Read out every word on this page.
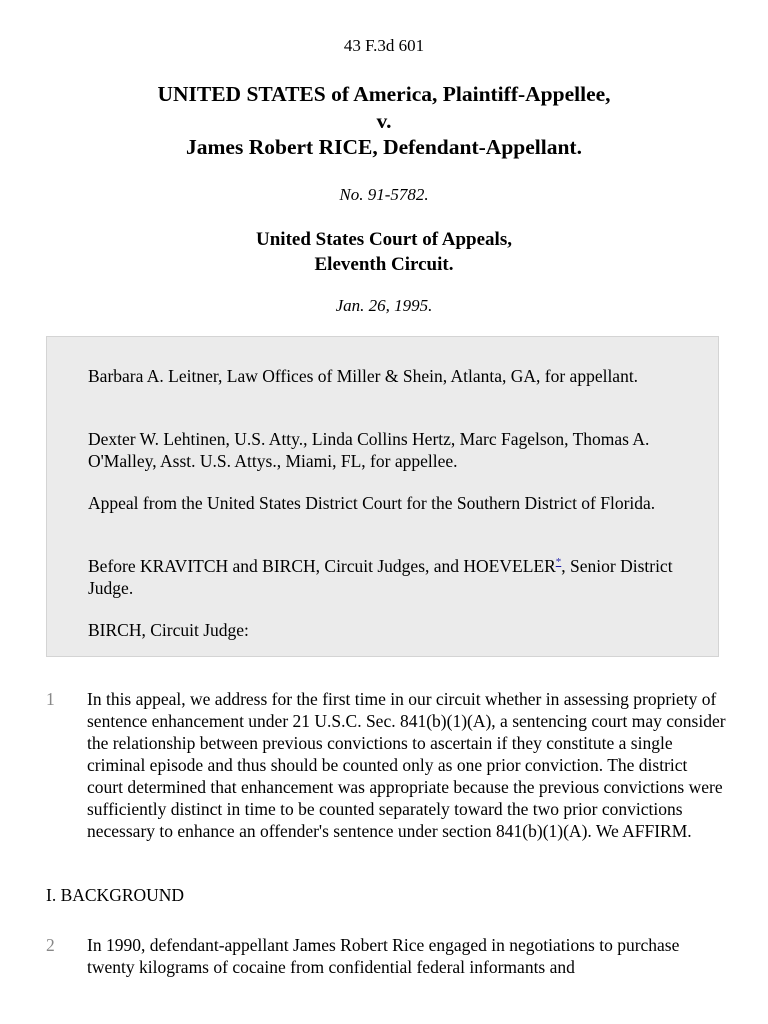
43 F.3d 601
UNITED STATES of America, Plaintiff-Appellee,
v.
James Robert RICE, Defendant-Appellant.
No. 91-5782.
United States Court of Appeals,
Eleventh Circuit.
Jan. 26, 1995.

Barbara A. Leitner, Law Offices of Miller & Shein, Atlanta, GA, for appellant.

Dexter W. Lehtinen, U.S. Atty., Linda Collins Hertz, Marc Fagelson, Thomas A. O'Malley, Asst. U.S. Attys., Miami, FL, for appellee.

Appeal from the United States District Court for the Southern District of Florida.

Before KRAVITCH and BIRCH, Circuit Judges, and HOEVELER*, Senior District Judge.

BIRCH, Circuit Judge:

1 In this appeal, we address for the first time in our circuit whether in assessing propriety of sentence enhancement under 21 U.S.C. Sec. 841(b)(1)(A), a sentencing court may consider the relationship between previous convictions to ascertain if they constitute a single criminal episode and thus should be counted only as one prior conviction. The district court determined that enhancement was appropriate because the previous convictions were sufficiently distinct in time to be counted separately toward the two prior convictions necessary to enhance an offender's sentence under section 841(b)(1)(A). We AFFIRM.

I. BACKGROUND

2 In 1990, defendant-appellant James Robert Rice engaged in negotiations to purchase twenty kilograms of cocaine from confidential federal informants and
